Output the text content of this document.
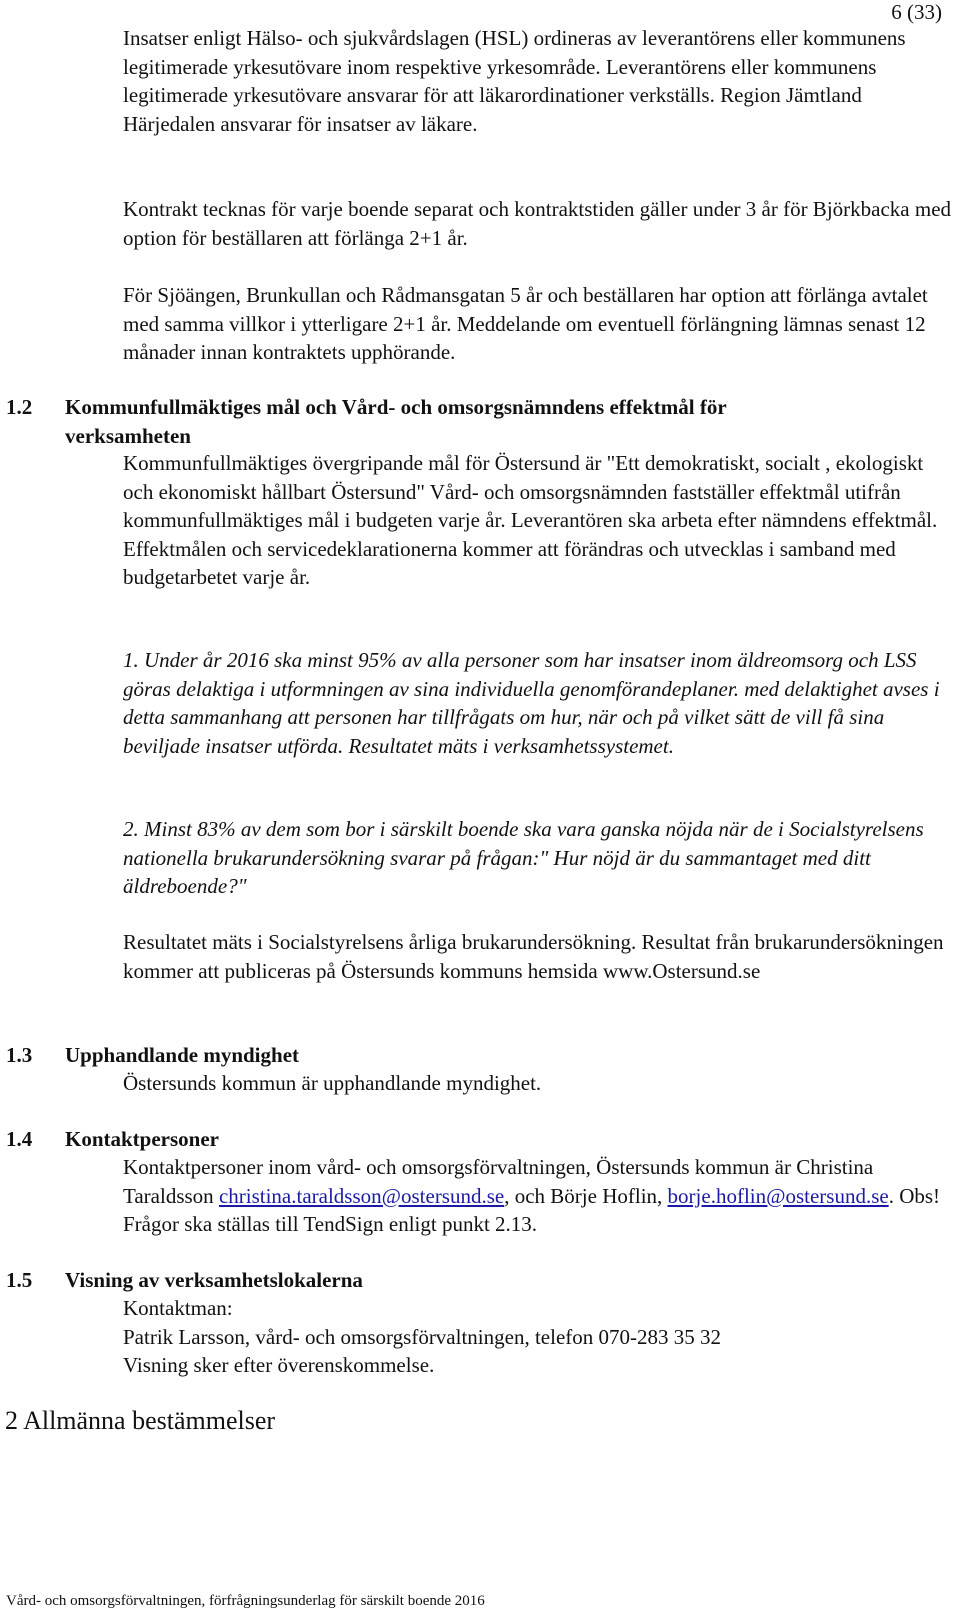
6 (33)

Insatser enligt Hälso- och sjukvårdslagen (HSL) ordineras av leverantörens eller kommunens legitimerade yrkesutövare inom respektive yrkesområde. Leverantörens eller kommunens legitimerade yrkesutövare ansvarar för att läkarordinationer verkställs. Region Jämtland Härjedalen ansvarar för insatser av läkare.

Kontrakt tecknas för varje boende separat och kontraktstiden gäller under 3 år för Björkbacka med option för beställaren att förlänga 2+1 år.

För Sjöängen, Brunkullan och Rådmansgatan 5 år och beställaren har option att förlänga avtalet med samma villkor i ytterligare 2+1 år. Meddelande om eventuell förlängning lämnas senast 12 månader innan kontraktets upphörande.

1.2 Kommunfullmäktiges mål och Vård- och omsorgsnämndens effektmål för
verksamheten

Kommunfullmäktiges övergripande mål för Östersund är "Ett demokratiskt, socialt , ekologiskt och ekonomiskt hållbart Östersund" Vård- och omsorgsnämnden fastställer effektmål utifrån kommunfullmäktiges mål i budgeten varje år. Leverantören ska arbeta efter nämndens effektmål. Effektmålen och servicedeklarationerna kommer att förändras och utvecklas i samband med budgetarbetet varje år.

1. Under år 2016 ska minst 95% av alla personer som har insatser inom äldreomsorg och LSS göras delaktiga i utformningen av sina individuella genomförandeplaner. med delaktighet avses i detta sammanhang att personen har tillfrågats om hur, när och på vilket sätt de vill få sina beviljade insatser utförda. Resultatet mäts i verksamhetssystemet.

2. Minst 83% av dem som bor i särskilt boende ska vara ganska nöjda när de i Socialstyrelsens nationella brukarundersökning svarar på frågan:" Hur nöjd är du sammantaget med ditt äldreboende?"

Resultatet mäts i Socialstyrelsens årliga brukarundersökning. Resultat från brukarundersökningen kommer att publiceras på Östersunds kommuns hemsida www.Ostersund.se

1.3 Upphandlande myndighet

Östersunds kommun är upphandlande myndighet.

1.4 Kontaktpersoner

Kontaktpersoner inom vård- och omsorgsförvaltningen, Östersunds kommun är Christina Taraldsson christina.taraldsson@ostersund.se, och Börje Hoflin, borje.hoflin@ostersund.se. Obs! Frågor ska ställas till TendSign enligt punkt 2.13.

1.5 Visning av verksamhetslokalerna

Kontaktman:

Patrik Larsson, vård- och omsorgsförvaltningen, telefon 070-283 35 32

Visning sker efter överenskommelse.

2 Allmänna bestämmelser
Vård- och omsorgsförvaltningen, förfrågningsunderlag för särskilt boende 2016
